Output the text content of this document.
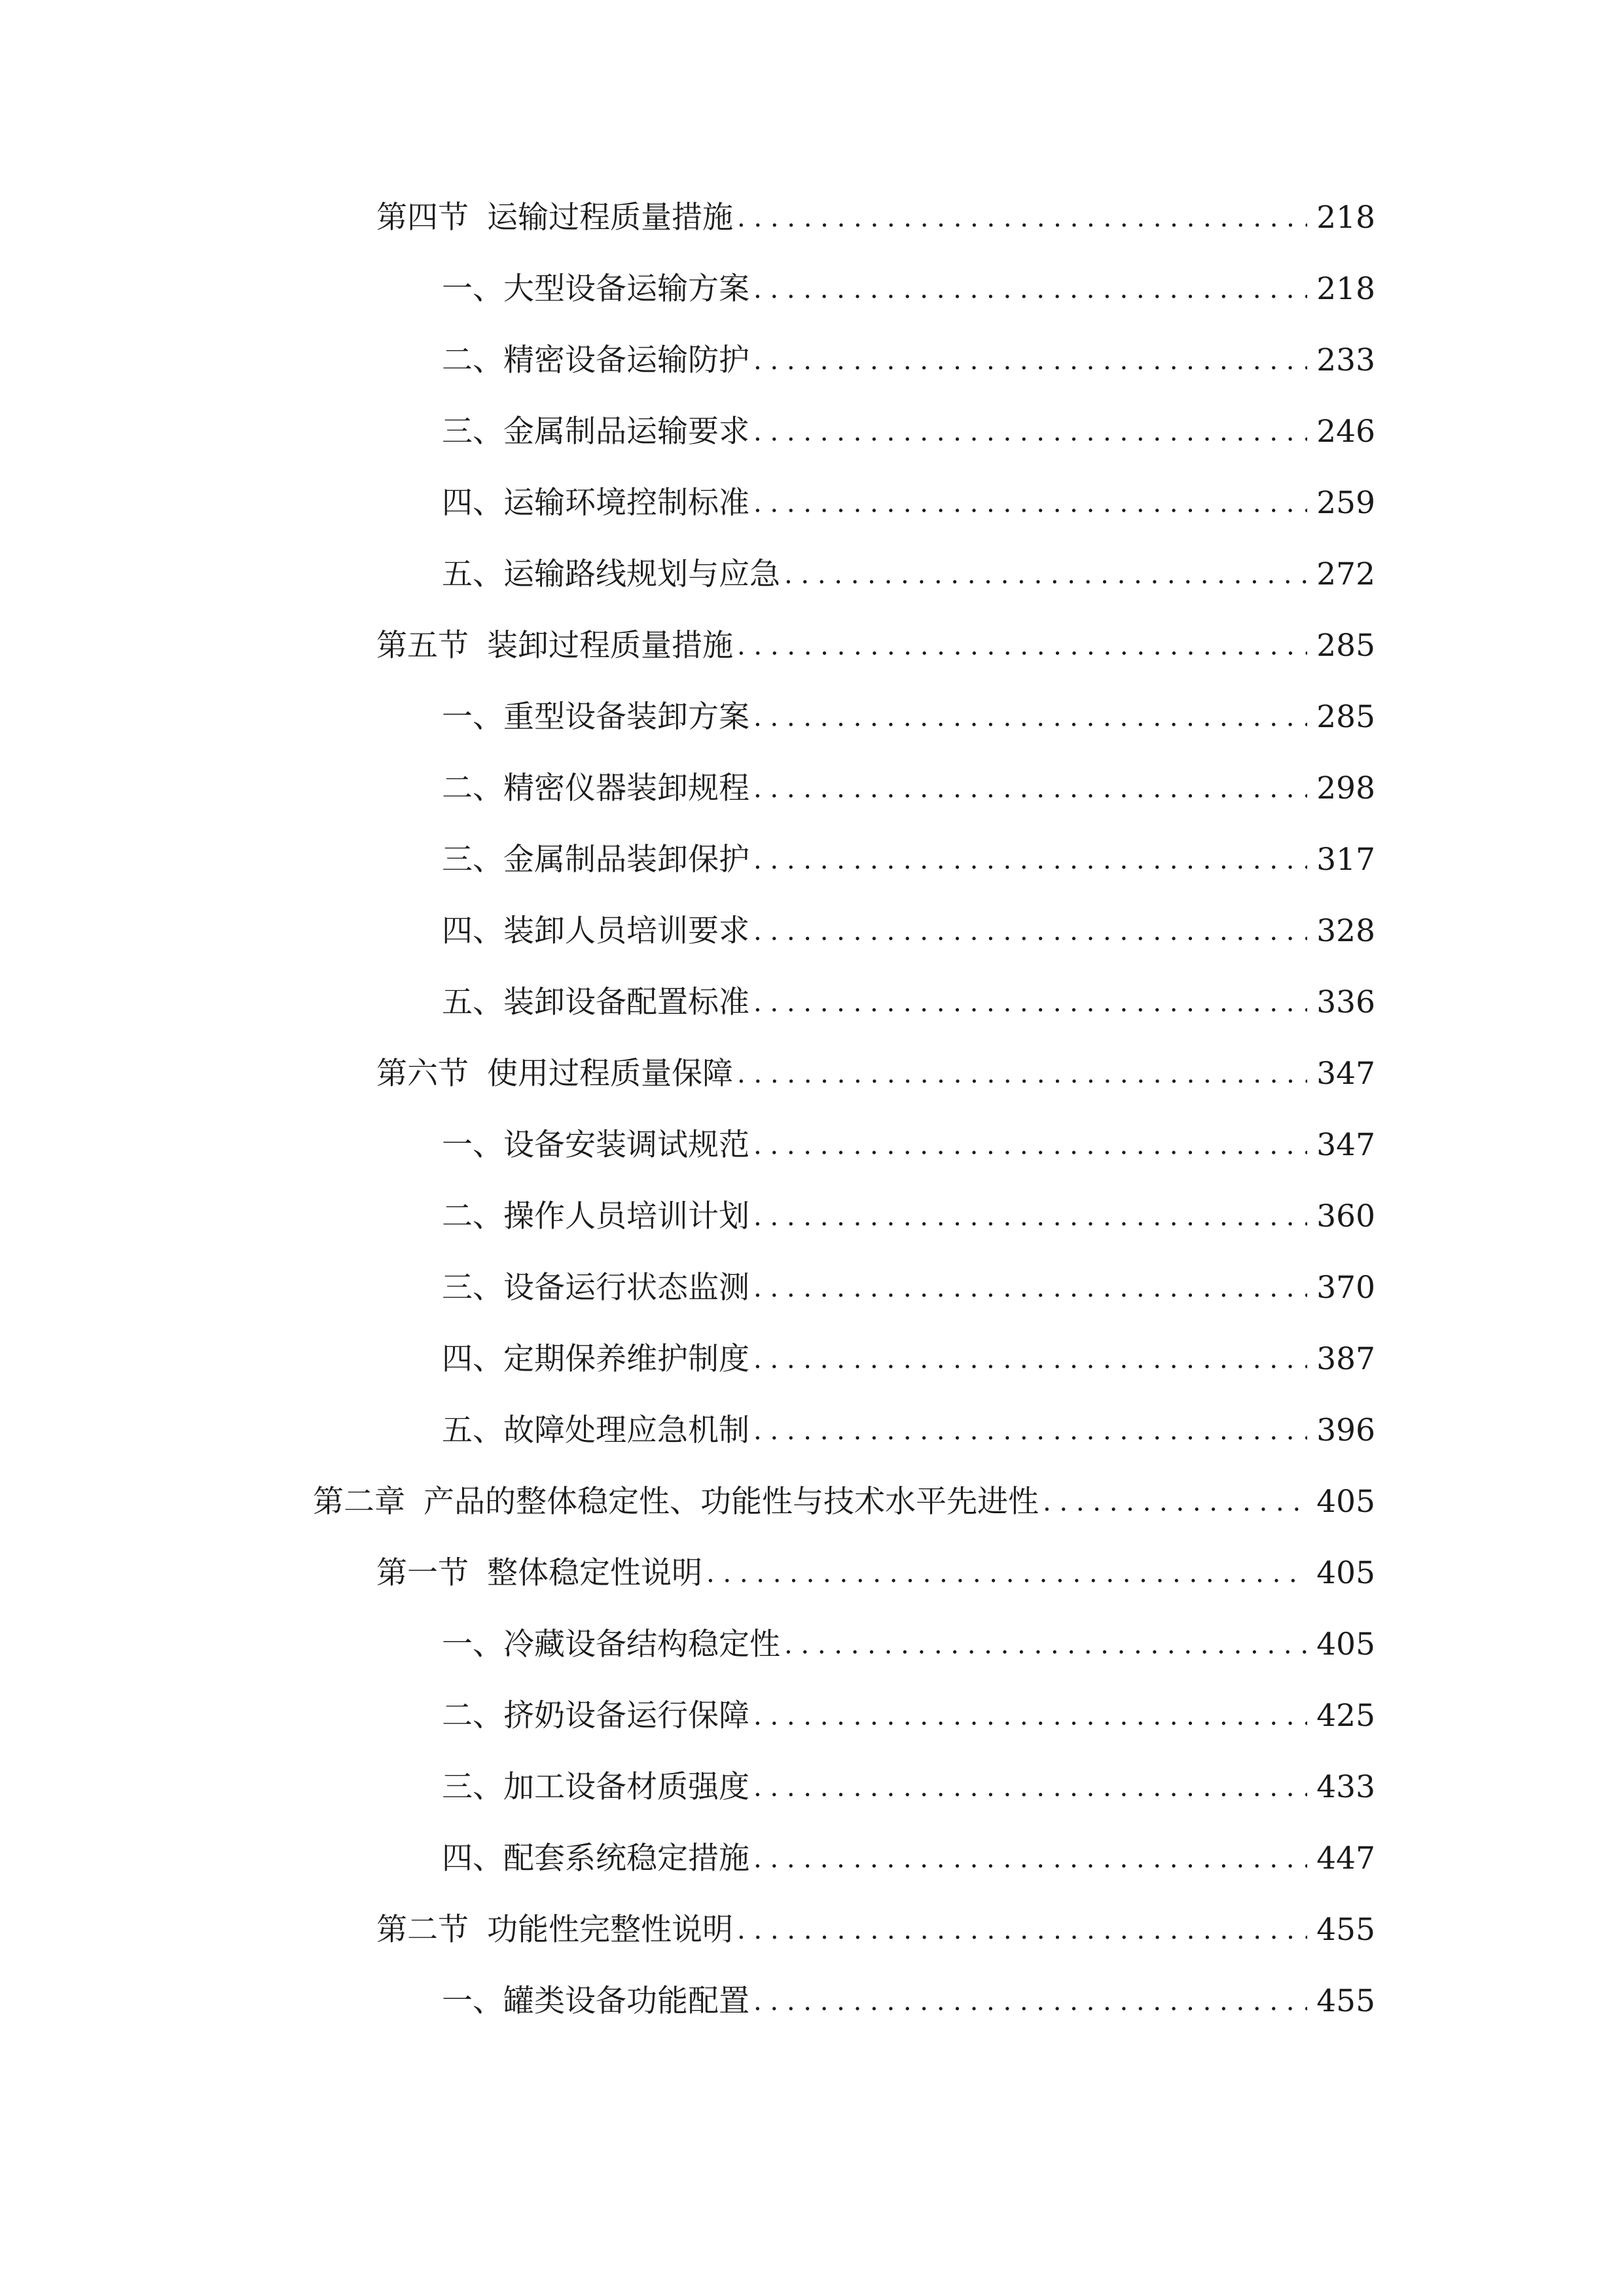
第四节 运输过程质量措施 . . .	218
一、 大型设备运输方案 . . .	218
二、 精密设备运输防护 . . .	233
三、 金属制品运输要求 . . .	246
四、 运输环境控制标准 . . .	259
五、 运输路线规划与应急 . . .	272
第五节 装卸过程质量措施 . . .	285
一、 重型设备装卸方案 . . .	285
二、 精密仪器装卸规程 . . .	298
三、 金属制品装卸保护 . . .	317
四、 装卸人员培训要求 . . .	328
五、 装卸设备配置标准 . . .	336
第六节 使用过程质量保障 . . .	347
一、 设备安装调试规范 . . .	347
二、 操作人员培训计划 . . .	360
三、 设备运行状态监测 . . .	370
四、 定期保养维护制度 . . .	387
五、 故障处理应急机制 . . .	396
第二章 产品的整体稳定性、功能性与技术水平先进性 . . .	405
第一节 整体稳定性说明 . . .	405
一、 冷藏设备结构稳定性 . . .	405
二、 挤奶设备运行保障 . . .	425
三、 加工设备材质强度 . . .	433
四、 配套系统稳定措施 . . .	447
第二节 功能性完整性说明 . . .	455
一、 罐类设备功能配置 . . .	455
